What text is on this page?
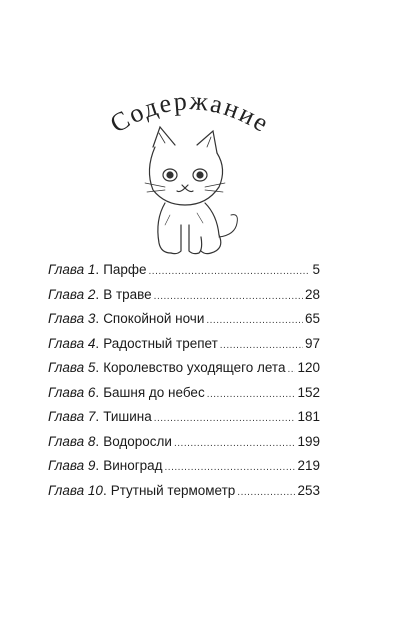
Содержание
Глава
1 . Парфе .....	5
Глава
2 . В траве .....	28
Глава
3 . Спокойной ночи .....	65
Глава
4 . Радостный трепет .....	97
Глава
5 . Королевство уходящего лета ..... 120
Глава
6 . Башня до небес .....	152
Глава
7 . Тишина .....	181
Глава
8 . Водоросли .....	199
Глава
9 . Виноград .....	219
Глава
10 . Ртутный термометр .....	253
